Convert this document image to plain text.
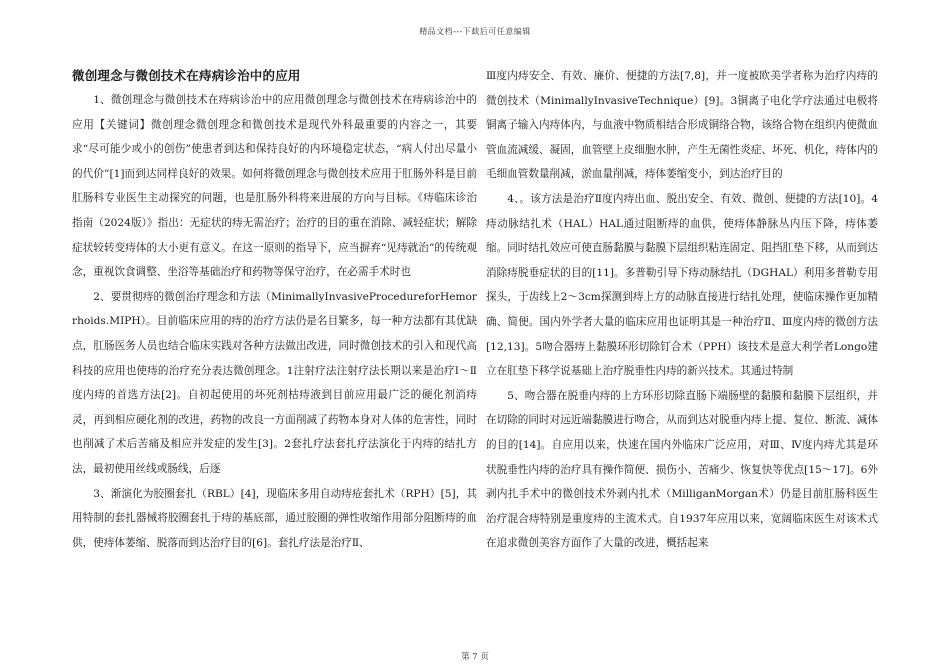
精品文档---下载后可任意编辑
微创理念与微创技术在痔病诊治中的应用

1、微创理念与微创技术在痔病诊治中的应用微创理念与微创技术在痔病诊治中的应用【关键词】微创理念微创理念和微创技术是现代外科最重要的内容之一，其要求“尽可能少或小的创伤”使患者到达和保持良好的内环境稳定状态，“病人付出尽量小的代价”[1]而到达同样良好的效果。如何将微创理念与微创技术应用于肛肠外科是目前肛肠科专业医生主动探究的问题，也是肛肠外科将来进展的方向与目标。《痔临床诊治指南（2024版）》指出：无症状的痔无需治疗；治疗的目的重在消除、减轻症状；解除症状较转变痔体的大小更有意义。在这一原则的指导下，应当摒弃“见痔就治”的传统观念，重视饮食调整、坐浴等基础治疗和药物等保守治疗，在必需手术时也

2、要贯彻痔的微创治疗理念和方法（MinimallyInvasiveProcedureforHemorrhoids.MIPH）。目前临床应用的痔的治疗方法仍是名目繁多，每一种方法都有其优缺点，肛肠医务人员也结合临床实践对各种方法做出改进，同时微创技术的引入和现代高科技的应用也使痔的治疗充分表达微创理念。1注射疗法注射疗法长期以来是治疗Ⅰ～Ⅱ度内痔的首选方法[2]。自初起使用的坏死剂枯痔液到目前应用最广泛的硬化剂消痔灵，再到相应硬化剂的改进，药物的改良一方面削减了药物本身对人体的危害性，同时也削减了术后苦痛及相应并发症的发生[3]。2套扎疗法套扎疗法演化于内痔的结扎方法，最初使用丝线或肠线，后逐

3、渐演化为胶圈套扎（RBL）[4]，现临床多用自动痔疮套扎术（RPH）[5]，其用特制的套扎器械将胶圈套扎于痔的基底部，通过胶圈的弹性收缩作用部分阻断痔的血供，使痔体萎缩、脱落而到达治疗目的[6]。套扎疗法是治疗Ⅱ、

Ⅲ度内痔安全、有效、廉价、便捷的方法[7,8]，并一度被欧美学者称为治疗内痔的微创技术（MinimallyInvasiveTechnique）[9]。3铜离子电化学疗法通过电极将铜离子输入内痔体内，与血液中物质相结合形成铜络合物，该络合物在组织内使微血管血流减缓、凝固，血管壁上皮细胞水肿，产生无菌性炎症、坏死、机化，痔体内的毛细血管数量削减，淤血量削减，痔体萎缩变小，到达治疗目的

4、。该方法是治疗Ⅱ度内痔出血、脱出安全、有效、微创、便捷的方法[10]。4痔动脉结扎术（HAL）HAL通过阻断痔的血供，使痔体静脉丛内压下降，痔体萎缩。同时结扎效应可使直肠黏膜与黏膜下层组织粘连固定、阻挡肛垫下移，从而到达消除痔脱垂症状的目的[11]。多普勒引导下痔动脉结扎（DGHAL）利用多普勒专用探头，于齿线上2～3cm探测到痔上方的动脉直接进行结扎处理，使临床操作更加精确、简便。国内外学者大量的临床应用也证明其是一种治疗Ⅱ、Ⅲ度内痔的微创方法[12,13]。5吻合器痔上黏膜环形切除钉合术（PPH）该技术是意大利学者Longo建立在肛垫下移学说基础上治疗脱垂性内痔的新兴技术。其通过特制

5、吻合器在脱垂内痔的上方环形切除直肠下端肠壁的黏膜和黏膜下层组织，并在切除的同时对远近端黏膜进行吻合，从而到达对脱垂内痔上提、复位、断流、减体的目的[14]。自应用以来，快速在国内外临床广泛应用，对Ⅲ、Ⅳ度内痔尤其是环状脱垂性内痔的治疗具有操作简便、损伤小、苦痛少、恢复快等优点[15～17]。6外剥内扎手术中的微创技术外剥内扎术（MilliganMorgan术）仍是目前肛肠科医生治疗混合痔特别是重度痔的主流术式。自1937年应用以来，宽阔临床医生对该术式在追求微创美容方面作了大量的改进，概括起来

第 7 页
